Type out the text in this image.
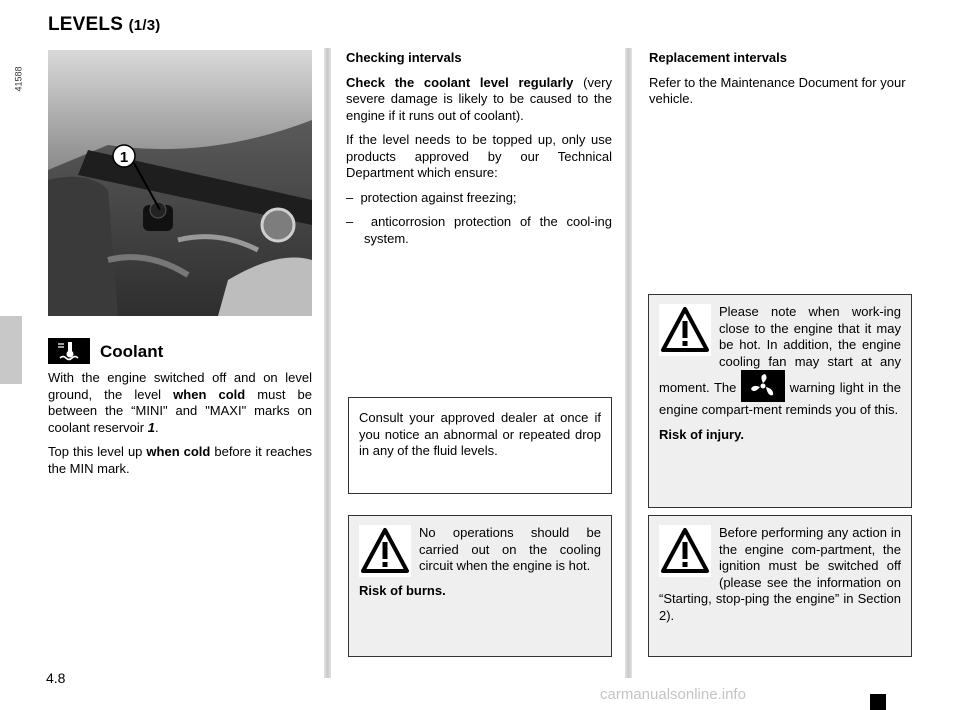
LEVELS (1/3)
41588
1
Coolant

With the engine switched off and on level ground, the level when cold must be between the “MINI" and "MAXI" marks on coolant reservoir 1.

Top this level up when cold before it reaches the MIN mark.

Checking intervals

Check the coolant level regularly (very severe damage is likely to be caused to the engine if it runs out of coolant).

If the level needs to be topped up, only use products approved by our Technical Department which ensure:

–  protection against freezing;
–  anticorrosion protection of the cool-ing system.
Consult your approved dealer at once if you notice an abnormal or repeated drop in any of the fluid levels.

No operations should be carried out on the cooling circuit when the engine is hot.

Risk of burns.

Replacement intervals

Refer to the Maintenance Document for your vehicle.

Please note when work-ing close to the engine that it may be hot. In addition, the engine cooling fan may start at any moment. The	warning light in the engine compart-ment reminds you of this.

Risk of injury.

Before performing any action in the engine com-partment, the ignition must be switched off (please see the information on “Starting, stop-ping the engine” in Section 2).
4.8
carmanualsonline.info
